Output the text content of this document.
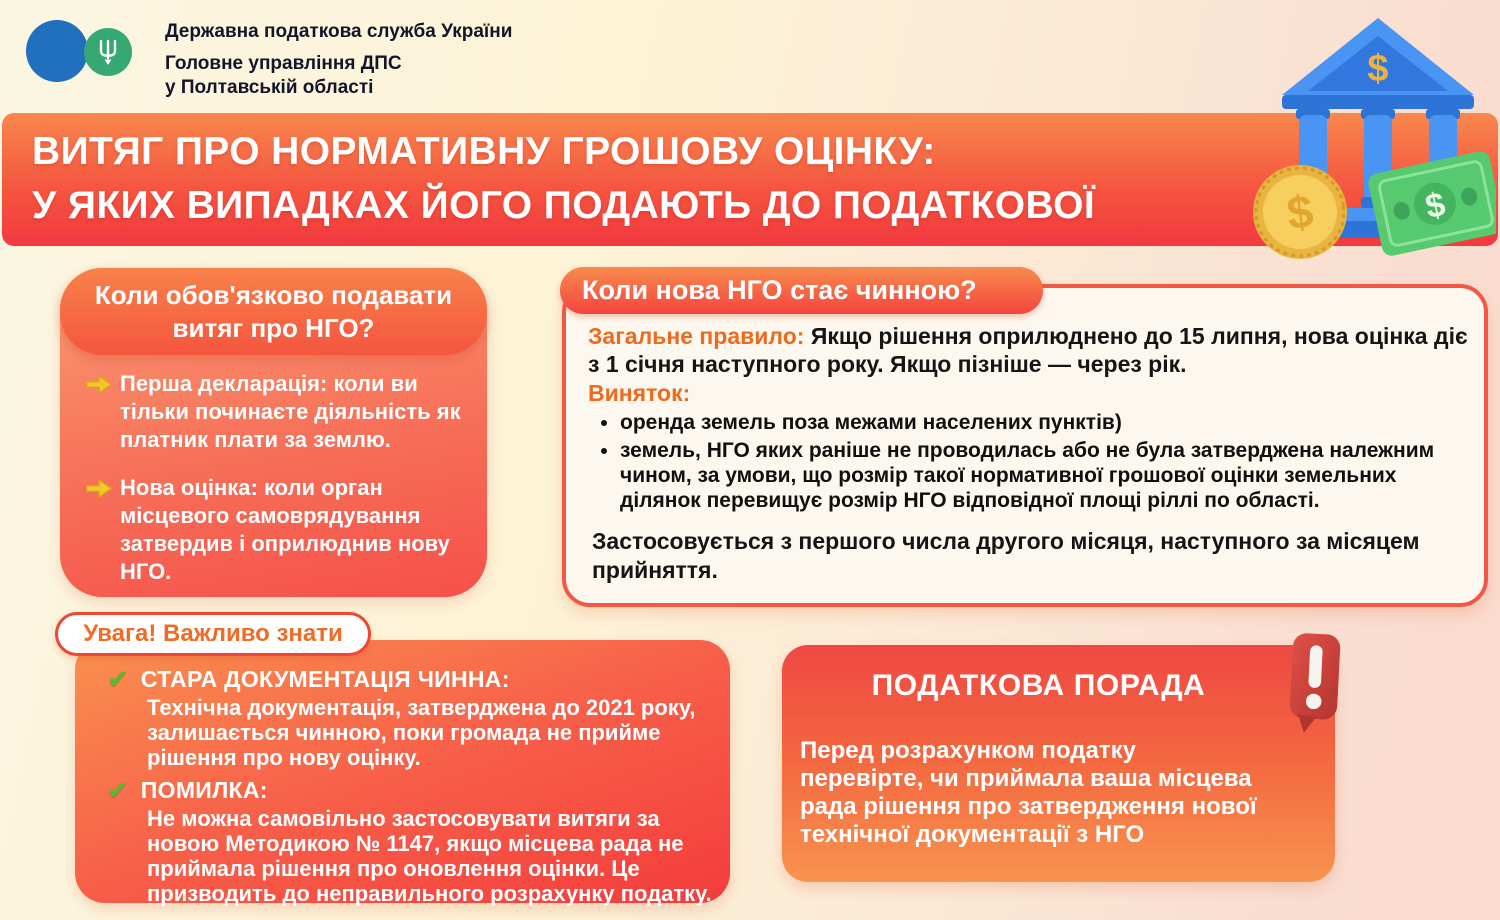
Державна податкова служба України
Головне управління ДПС
у Полтавській області
ВИТЯГ ПРО НОРМАТИВНУ ГРОШОВУ ОЦІНКУ:
У ЯКИХ ВИПАДКАХ ЙОГО ПОДАЮТЬ ДО ПОДАТКОВОЇ
$
$	$
Коли обов'язково подавати витяг про НГО?
Перша декларація: коли ви тільки починаєте діяльність як платник плати за землю.
Нова оцінка: коли орган місцевого самоврядування затвердив і оприлюднив нову НГО.
Коли нова НГО стає чинною?

Загальне правило: Якщо рішення оприлюднено до 15 липня, нова оцінка діє з 1 січня наступного року. Якщо пізніше — через рік.

Виняток:

• оренда земель поза межами населених пунктів)
• земель, НГО яких раніше не проводилась або не була затверджена належним чином, за умови, що розмір такої нормативної грошової оцінки земельних ділянок перевищує розмір НГО відповідної площі ріллі по області.

Застосовується з першого числа другого місяця, наступного за місяцем прийняття.

Увага! Важливо знати
✔ СТАРА ДОКУМЕНТАЦІЯ ЧИННА:

Технічна документація, затверджена до 2021 року, залишається чинною, поки громада не прийме рішення про нову оцінку.

✔ ПОМИЛКА:

Не можна самовільно застосовувати витяги за новою Методикою № 1147, якщо місцева рада не приймала рішення про оновлення оцінки. Це призводить до неправильного розрахунку податку.

ПОДАТКОВА ПОРАДА

Перед розрахунком податку перевірте, чи приймала ваша місцева рада рішення про затвердження нової технічної документації з НГО
